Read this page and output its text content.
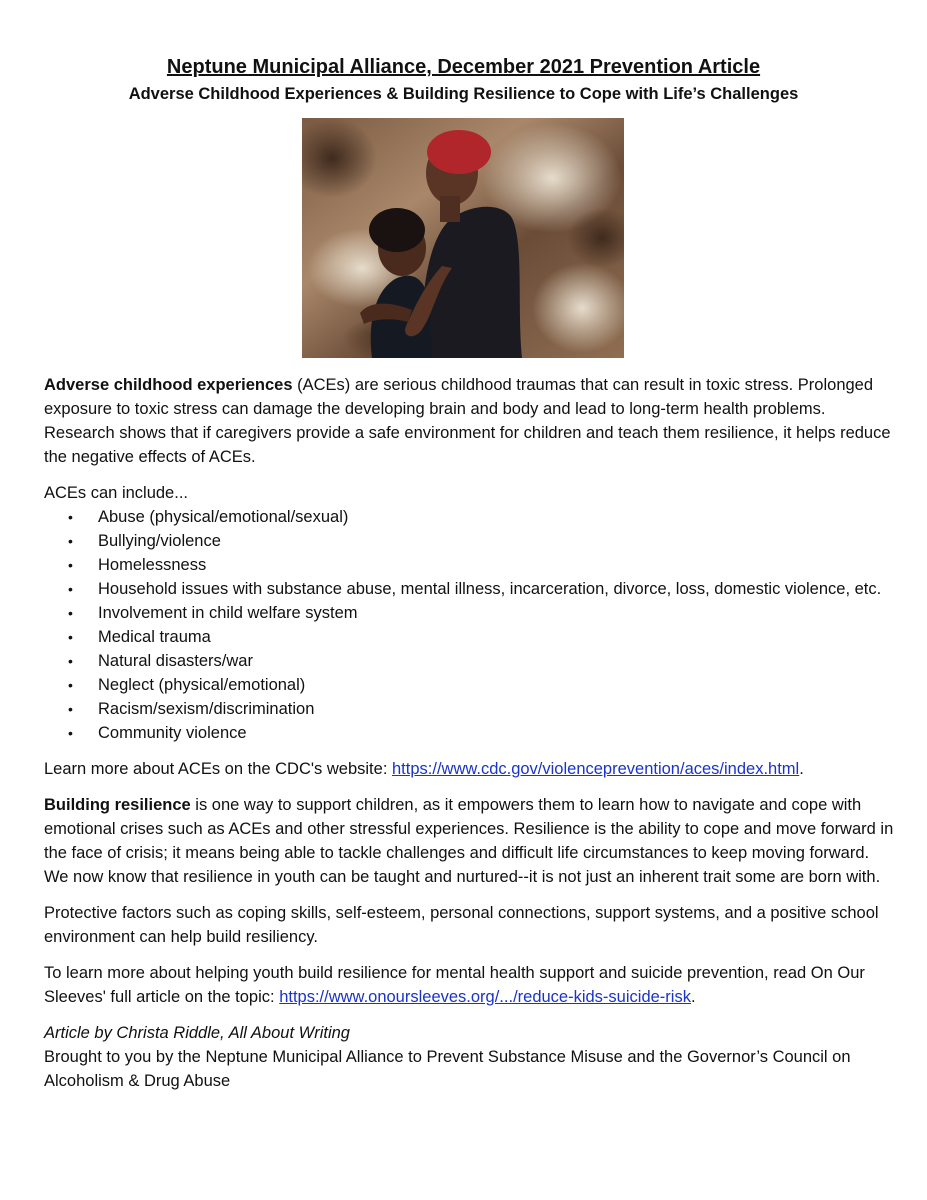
Neptune Municipal Alliance, December 2021 Prevention Article
Adverse Childhood Experiences & Building Resilience to Cope with Life’s Challenges

Adverse childhood experiences (ACEs) are serious childhood traumas that can result in toxic stress. Prolonged exposure to toxic stress can damage the developing brain and body and lead to long-term health problems. Research shows that if caregivers provide a safe environment for children and teach them resilience, it helps reduce the negative effects of ACEs.

ACEs can include...

• Abuse (physical/emotional/sexual)
• Bullying/violence
• Homelessness
• Household issues with substance abuse, mental illness, incarceration, divorce, loss, domestic violence, etc.
• Involvement in child welfare system
• Medical trauma
• Natural disasters/war
• Neglect (physical/emotional)
• Racism/sexism/discrimination
• Community violence

Learn more about ACEs on the CDC's website: https://www.cdc.gov/violenceprevention/aces/index.html.

Building resilience is one way to support children, as it empowers them to learn how to navigate and cope with emotional crises such as ACEs and other stressful experiences. Resilience is the ability to cope and move forward in the face of crisis; it means being able to tackle challenges and difficult life circumstances to keep moving forward. We now know that resilience in youth can be taught and nurtured--it is not just an inherent trait some are born with.

Protective factors such as coping skills, self-esteem, personal connections, support systems, and a positive school environment can help build resiliency.

To learn more about helping youth build resilience for mental health support and suicide prevention, read On Our Sleeves' full article on the topic: https://www.onoursleeves.org/.../reduce-kids-suicide-risk.

Article by Christa Riddle, All About Writing

Brought to you by the Neptune Municipal Alliance to Prevent Substance Misuse and the Governor’s Council on Alcoholism & Drug Abuse
